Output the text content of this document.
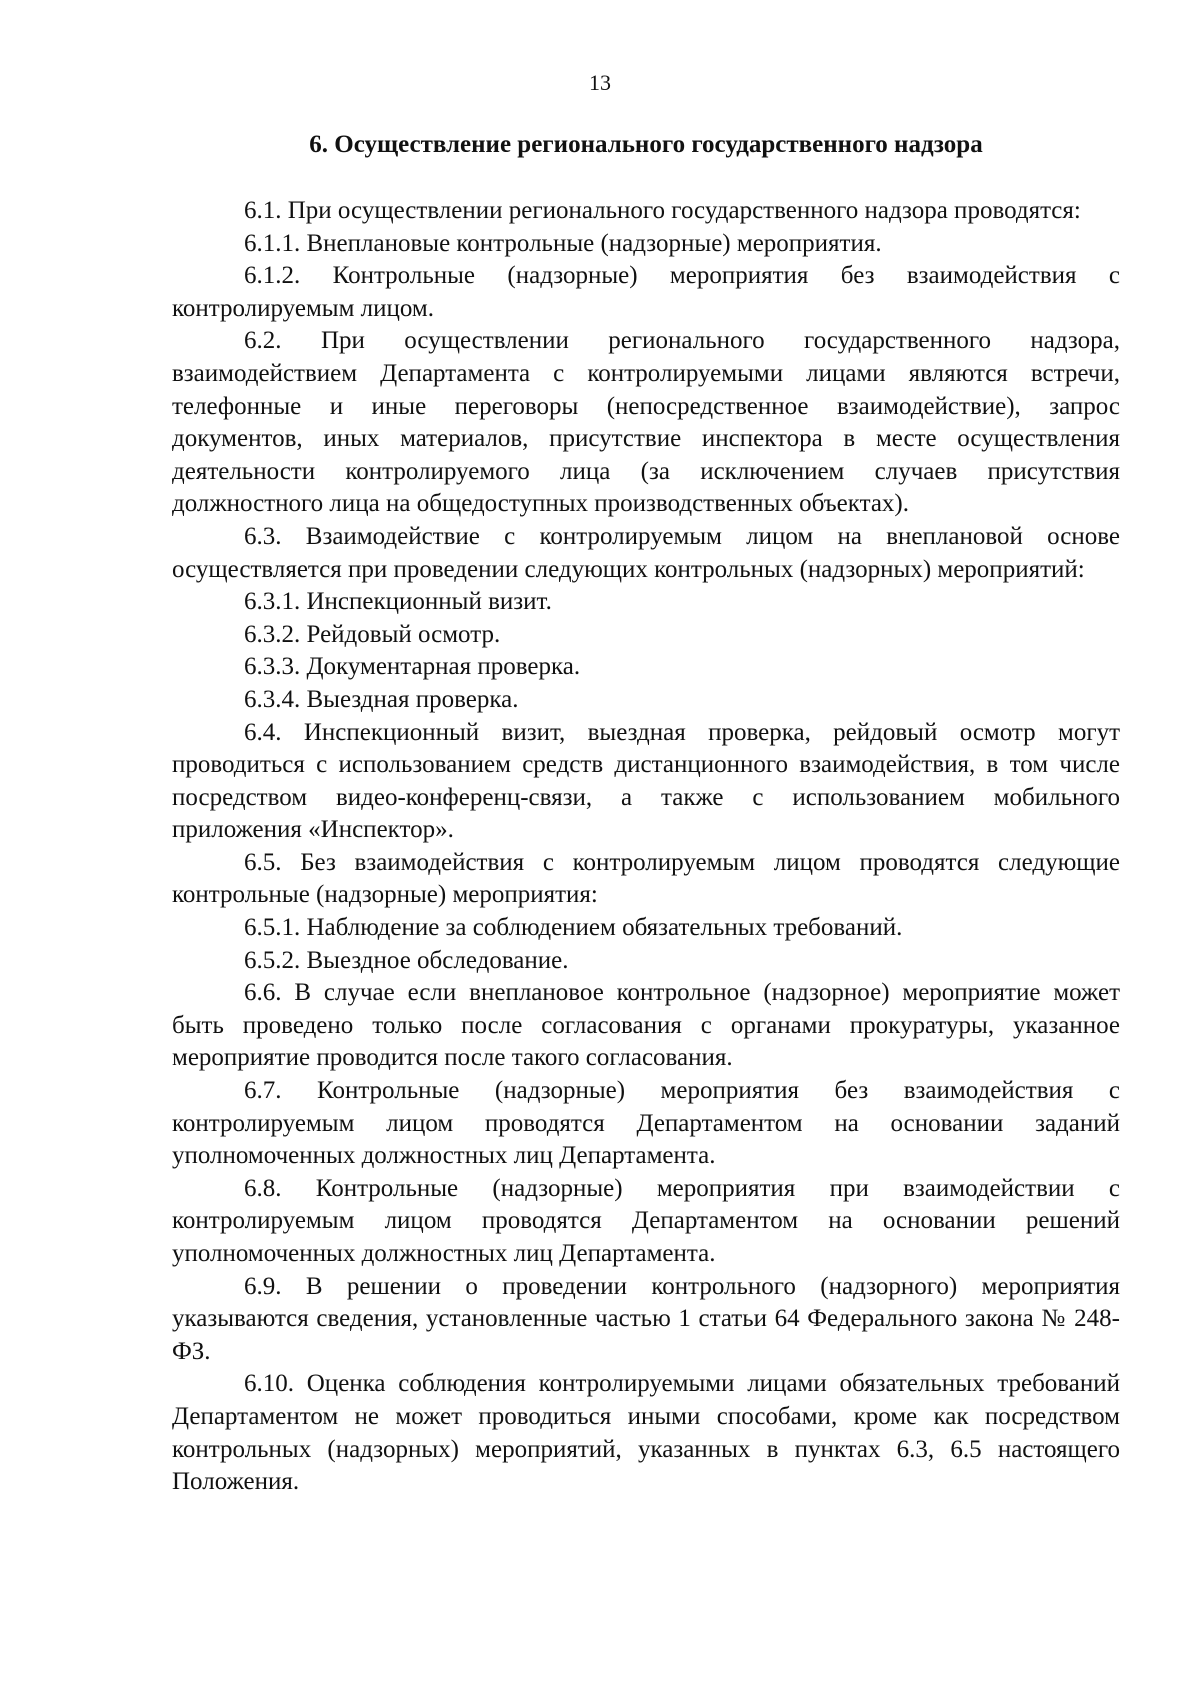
13
6. Осуществление регионального государственного надзора

6.1. При осуществлении регионального государственного надзора проводятся:

6.1.1. Внеплановые контрольные (надзорные) мероприятия.

6.1.2. Контрольные (надзорные) мероприятия без взаимодействия с контролируемым лицом.

6.2. При осуществлении регионального государственного надзора, взаимодействием Департамента с контролируемыми лицами являются встречи, телефонные и иные переговоры (непосредственное взаимодействие), запрос документов, иных материалов, присутствие инспектора в месте осуществления деятельности контролируемого лица (за исключением случаев присутствия должностного лица на общедоступных производственных объектах).

6.3. Взаимодействие с контролируемым лицом на внеплановой основе осуществляется при проведении следующих контрольных (надзорных) мероприятий:

6.3.1. Инспекционный визит.

6.3.2. Рейдовый осмотр.

6.3.3. Документарная проверка.

6.3.4. Выездная проверка.

6.4. Инспекционный визит, выездная проверка, рейдовый осмотр могут проводиться с использованием средств дистанционного взаимодействия, в том числе посредством видео-конференц-связи, а также с использованием мобильного приложения «Инспектор».

6.5. Без взаимодействия с контролируемым лицом проводятся следующие контрольные (надзорные) мероприятия:

6.5.1. Наблюдение за соблюдением обязательных требований.

6.5.2. Выездное обследование.

6.6. В случае если внеплановое контрольное (надзорное) мероприятие может быть проведено только после согласования с органами прокуратуры, указанное мероприятие проводится после такого согласования.

6.7. Контрольные (надзорные) мероприятия без взаимодействия с контролируемым лицом проводятся Департаментом на основании заданий уполномоченных должностных лиц Департамента.

6.8. Контрольные (надзорные) мероприятия при взаимодействии с контролируемым лицом проводятся Департаментом на основании решений уполномоченных должностных лиц Департамента.

6.9. В решении о проведении контрольного (надзорного) мероприятия указываются сведения, установленные частью 1 статьи 64 Федерального закона № 248-ФЗ.

6.10. Оценка соблюдения контролируемыми лицами обязательных требований Департаментом не может проводиться иными способами, кроме как посредством контрольных (надзорных) мероприятий, указанных в пунктах 6.3, 6.5 настоящего Положения.
